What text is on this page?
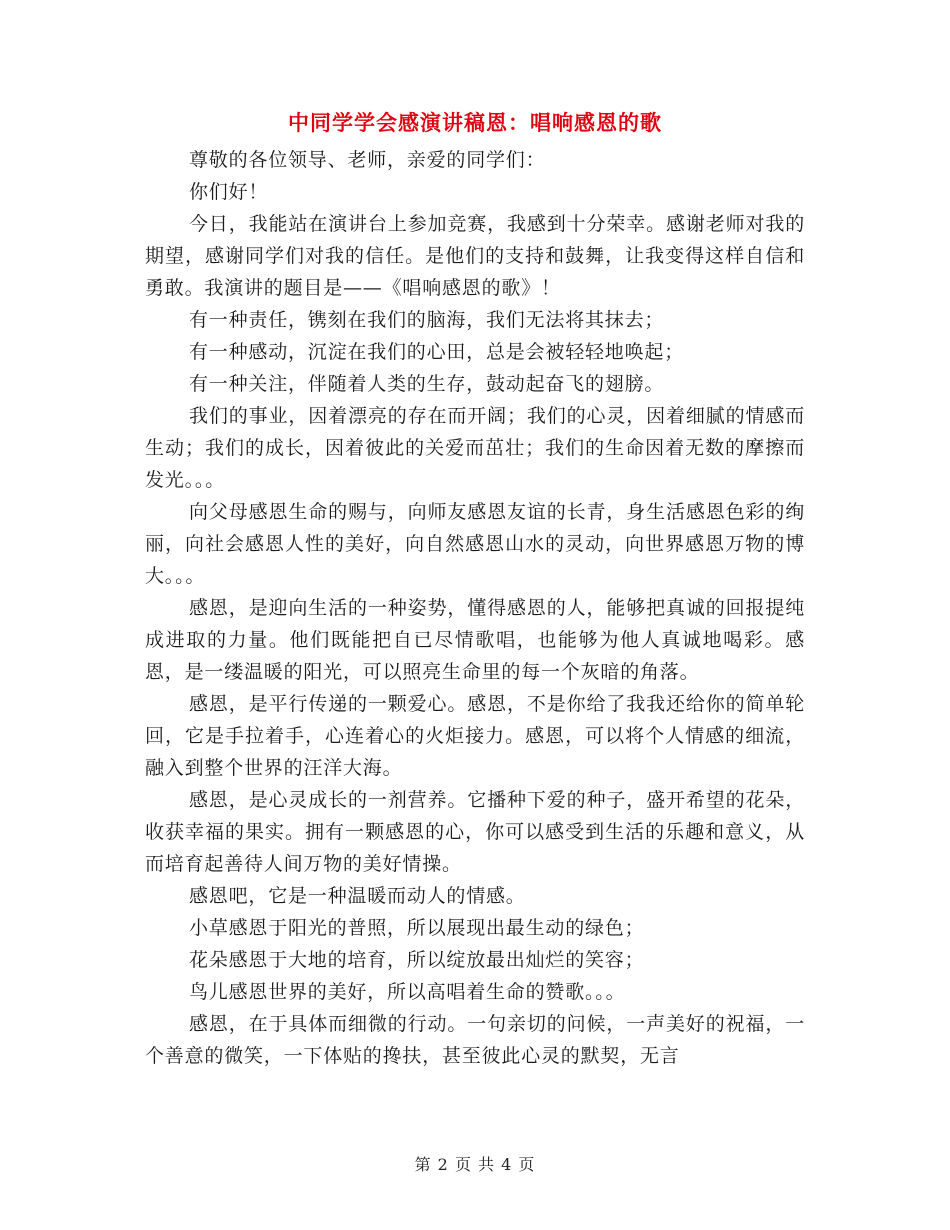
中同学学会感演讲稿恩：唱响感恩的歌

尊敬的各位领导、老师，亲爱的同学们：

你们好！

今日，我能站在演讲台上参加竞赛，我感到十分荣幸。感谢老师对我的期望，感谢同学们对我的信任。是他们的支持和鼓舞，让我变得这样自信和勇敢。我演讲的题目是——《唱响感恩的歌》！

有一种责任，镌刻在我们的脑海，我们无法将其抹去；

有一种感动，沉淀在我们的心田，总是会被轻轻地唤起；

有一种关注，伴随着人类的生存，鼓动起奋飞的翅膀。

我们的事业，因着漂亮的存在而开阔；我们的心灵，因着细腻的情感而生动；我们的成长，因着彼此的关爱而茁壮；我们的生命因着无数的摩擦而发光。。。

向父母感恩生命的赐与，向师友感恩友谊的长青，身生活感恩色彩的绚丽，向社会感恩人性的美好，向自然感恩山水的灵动，向世界感恩万物的博大。。。

感恩，是迎向生活的一种姿势，懂得感恩的人，能够把真诚的回报提纯成进取的力量。他们既能把自已尽情歌唱，也能够为他人真诚地喝彩。感恩，是一缕温暖的阳光，可以照亮生命里的每一个灰暗的角落。

感恩，是平行传递的一颗爱心。感恩，不是你给了我我还给你的简单轮回，它是手拉着手，心连着心的火炬接力。感恩，可以将个人情感的细流，融入到整个世界的汪洋大海。

感恩，是心灵成长的一剂营养。它播种下爱的种子，盛开希望的花朵，收获幸福的果实。拥有一颗感恩的心，你可以感受到生活的乐趣和意义，从而培育起善待人间万物的美好情操。

感恩吧，它是一种温暖而动人的情感。

小草感恩于阳光的普照，所以展现出最生动的绿色；

花朵感恩于大地的培育，所以绽放最出灿烂的笑容；

鸟儿感恩世界的美好，所以高唱着生命的赞歌。。。

感恩，在于具体而细微的行动。一句亲切的问候，一声美好的祝福，一个善意的微笑，一下体贴的搀扶，甚至彼此心灵的默契，无言

第 2 页 共 4 页
